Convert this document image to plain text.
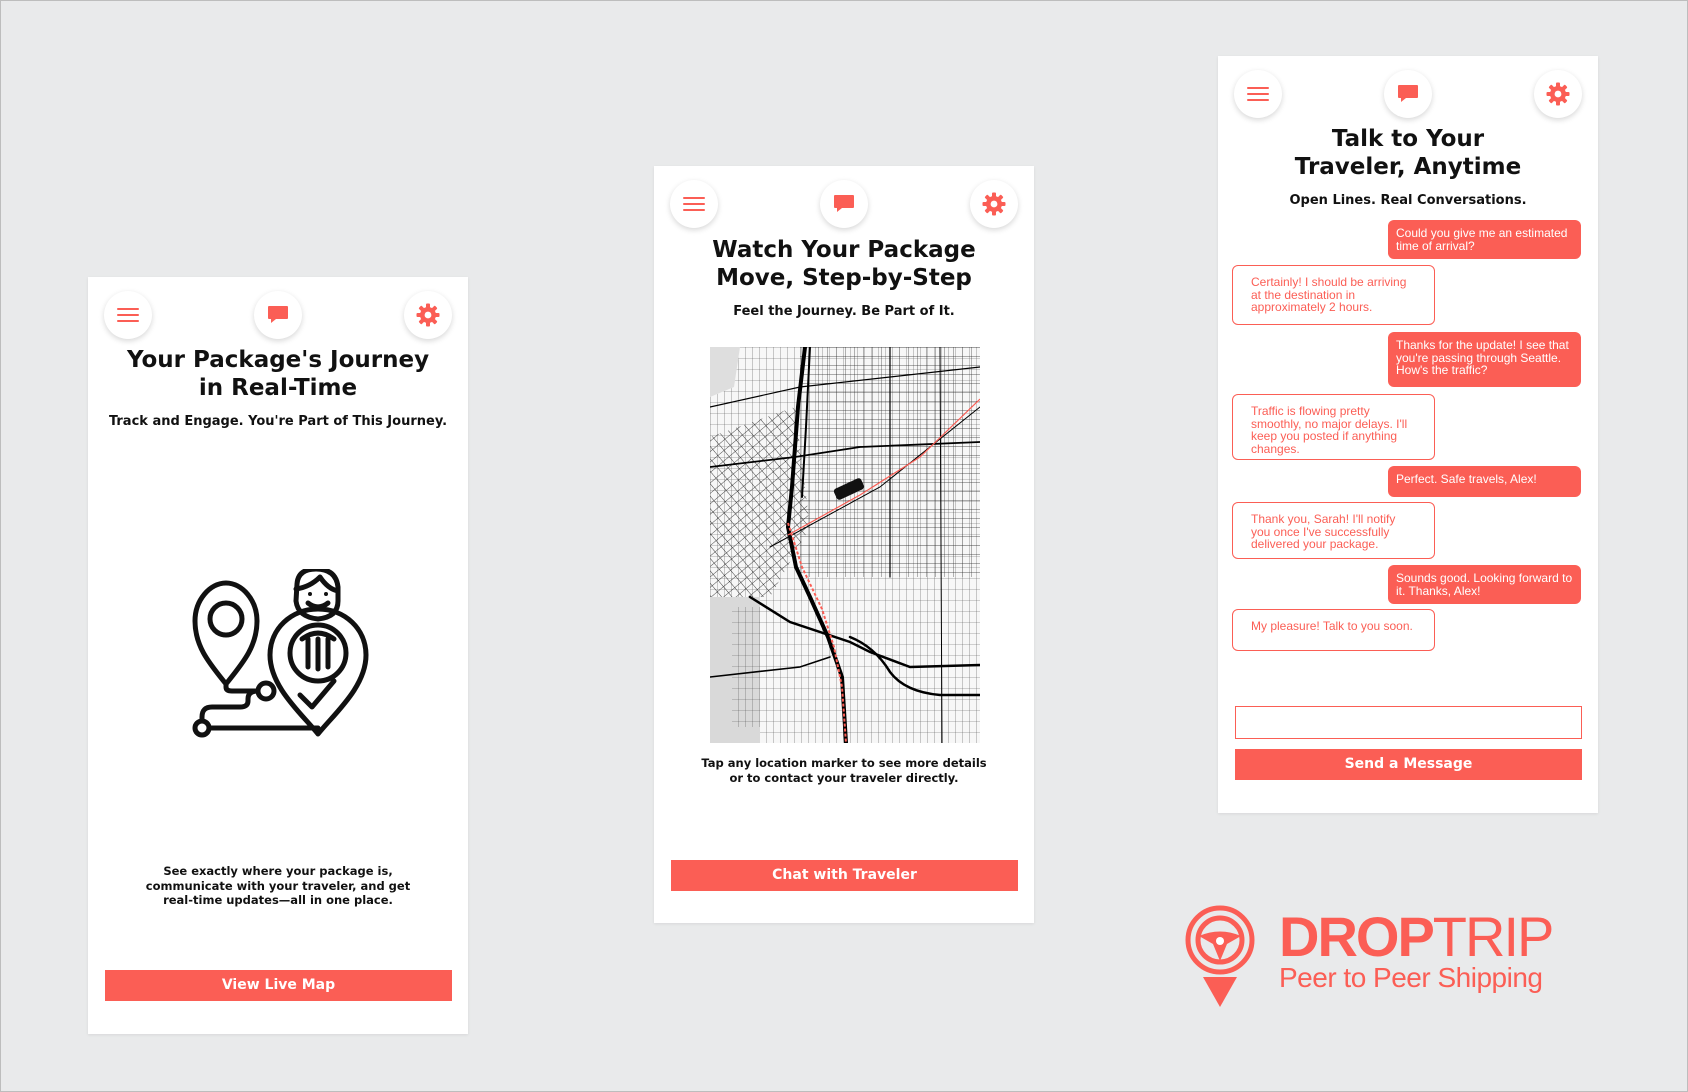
Your Package's Journey
in Real-Time
Track and Engage. You're Part of This Journey.
See exactly where your package is,
communicate with your traveler, and get
real-time updates—all in one place.
View Live Map
Watch Your Package
Move, Step-by-Step
Feel the Journey. Be Part of It.
Tap any location marker to see more details
or to contact your traveler directly.
Chat with Traveler
Talk to Your
Traveler, Anytime
Open Lines. Real Conversations.
Could you give me an estimated time of arrival?
Certainly! I should be arriving at the destination in approximately 2 hours.
Thanks for the update! I see that you're passing through Seattle. How's the traffic?
Traffic is flowing pretty smoothly, no major delays. I'll keep you posted if anything changes.
Perfect. Safe travels, Alex!
Thank you, Sarah! I'll notify you once I've successfully delivered your package.
Sounds good. Looking forward to it. Thanks, Alex!
My pleasure! Talk to you soon.
Send a Message
DROPTRIP
Peer to Peer Shipping
